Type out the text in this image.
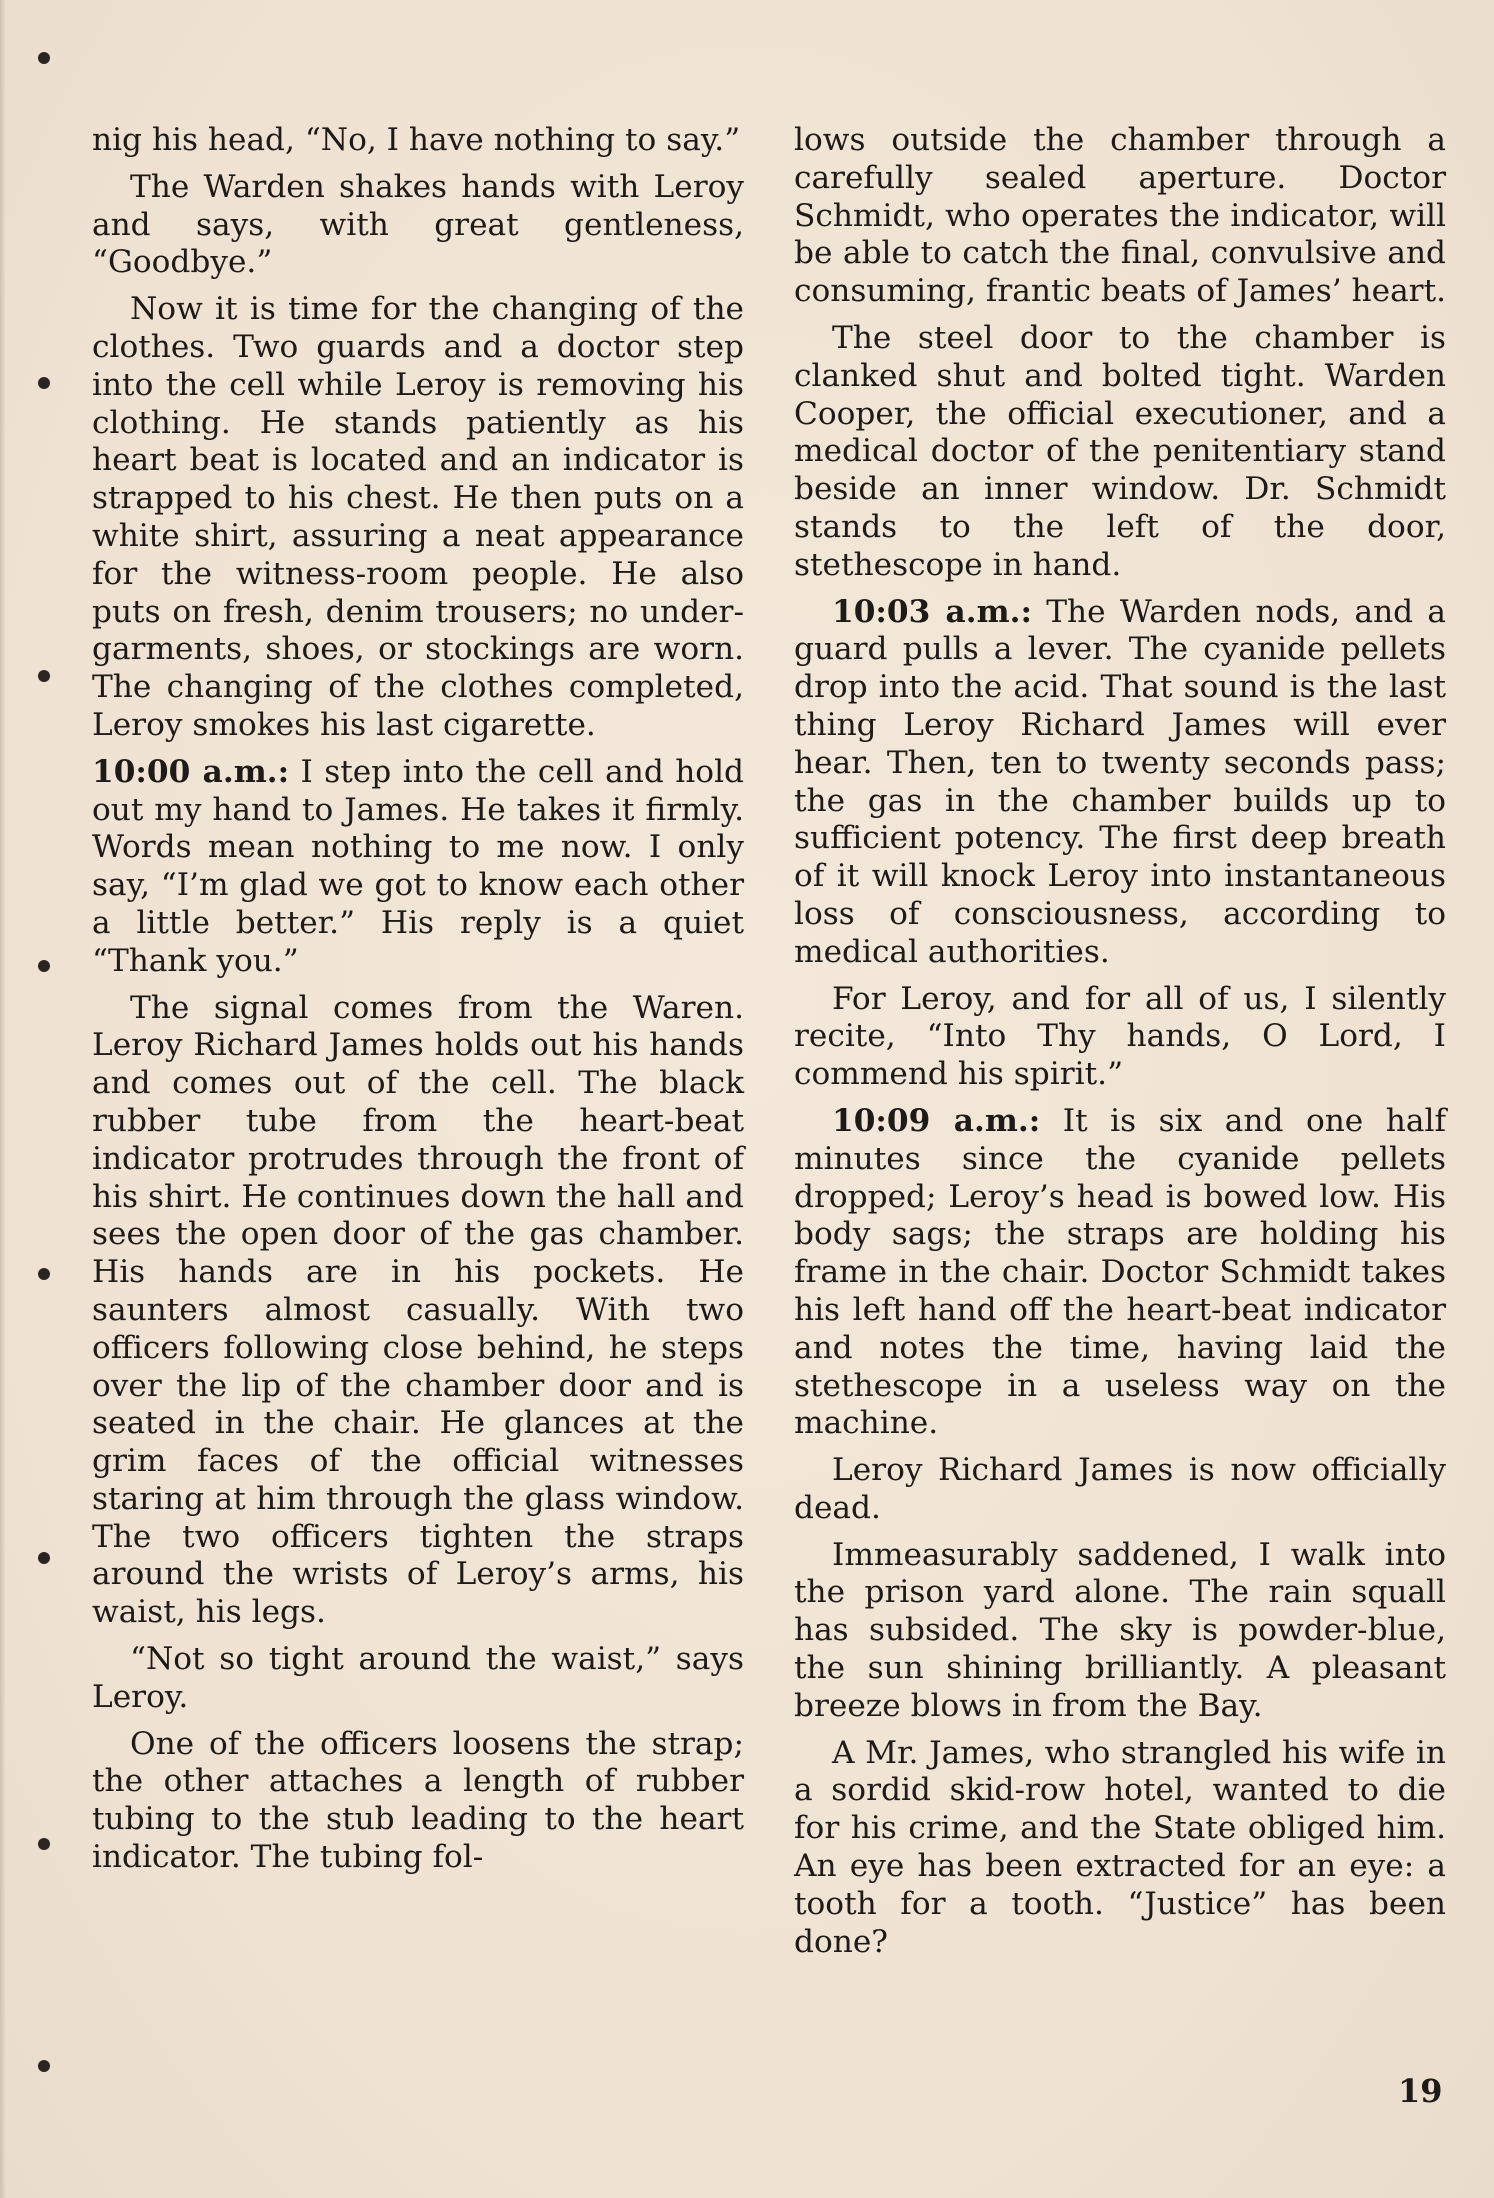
nig his head, “No, I have nothing to say.”

The Warden shakes hands with Leroy and says, with great gentleness, “Goodbye.”

Now it is time for the changing of the clothes. Two guards and a doctor step into the cell while Leroy is removing his clothing. He stands patiently as his heart beat is located and an indicator is strapped to his chest. He then puts on a white shirt, assuring a neat appearance for the witness-room people. He also puts on fresh, denim trousers; no under-garments, shoes, or stockings are worn. The changing of the clothes completed, Leroy smokes his last cigarette.

10:00 a.m.: I step into the cell and hold out my hand to James. He takes it firmly. Words mean nothing to me now. I only say, “I’m glad we got to know each other a little better.” His reply is a quiet “Thank you.”

The signal comes from the Waren. Leroy Richard James holds out his hands and comes out of the cell. The black rubber tube from the heart-beat indicator protrudes through the front of his shirt. He continues down the hall and sees the open door of the gas chamber. His hands are in his pockets. He saunters almost casually. With two officers following close behind, he steps over the lip of the chamber door and is seated in the chair. He glances at the grim faces of the official witnesses staring at him through the glass window. The two officers tighten the straps around the wrists of Leroy’s arms, his waist, his legs.

“Not so tight around the waist,” says Leroy.

One of the officers loosens the strap; the other attaches a length of rubber tubing to the stub leading to the heart indicator. The tubing fol-

lows outside the chamber through a carefully sealed aperture. Doctor Schmidt, who operates the indicator, will be able to catch the final, convulsive and consuming, frantic beats of James’ heart.

The steel door to the chamber is clanked shut and bolted tight. Warden Cooper, the official executioner, and a medical doctor of the penitentiary stand beside an inner window. Dr. Schmidt stands to the left of the door, stethescope in hand.

10:03 a.m.: The Warden nods, and a guard pulls a lever. The cyanide pellets drop into the acid. That sound is the last thing Leroy Richard James will ever hear. Then, ten to twenty seconds pass; the gas in the chamber builds up to sufficient potency. The first deep breath of it will knock Leroy into instantaneous loss of consciousness, according to medical authorities.

For Leroy, and for all of us, I silently recite, “Into Thy hands, O Lord, I commend his spirit.”

10:09 a.m.: It is six and one half minutes since the cyanide pellets dropped; Leroy’s head is bowed low. His body sags; the straps are holding his frame in the chair. Doctor Schmidt takes his left hand off the heart-beat indicator and notes the time, having laid the stethescope in a useless way on the machine.

Leroy Richard James is now officially dead.

Immeasurably saddened, I walk into the prison yard alone. The rain squall has subsided. The sky is powder-blue, the sun shining brilliantly. A pleasant breeze blows in from the Bay.

A Mr. James, who strangled his wife in a sordid skid-row hotel, wanted to die for his crime, and the State obliged him. An eye has been extracted for an eye: a tooth for a tooth. “Justice” has been done?

19
